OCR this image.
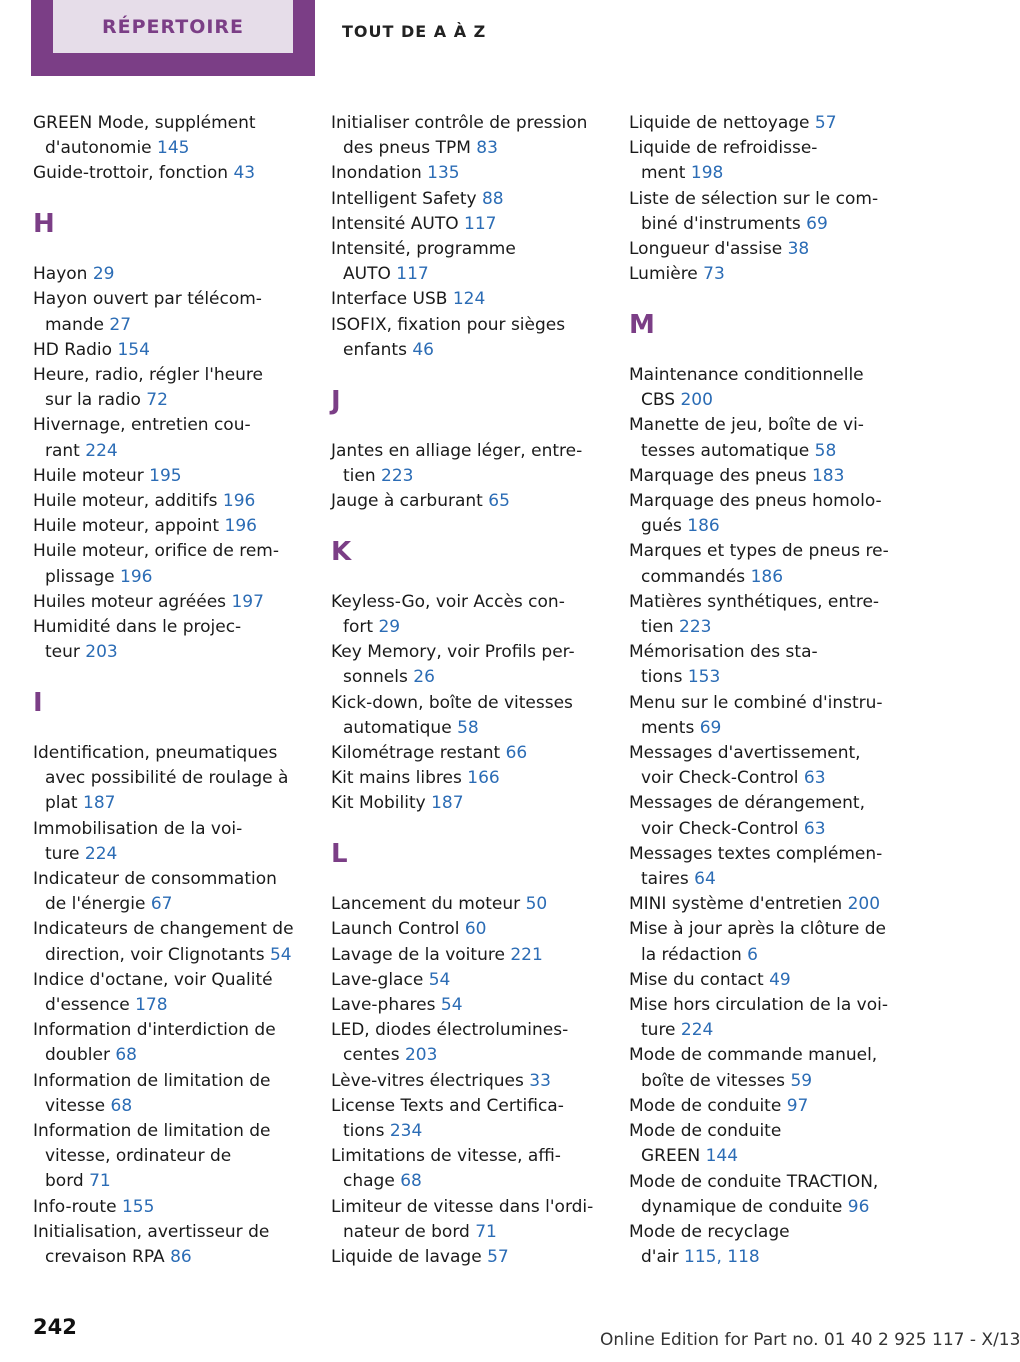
RÉPERTOIRE	TOUT DE A À Z
GREEN Mode, supplément
d'autonomie 145
Guide-trottoir, fonction 43
H
Hayon 29
Hayon ouvert par télécom-
mande 27
HD Radio 154
Heure, radio, régler l'heure
sur la radio 72
Hivernage, entretien cou-
rant 224
Huile moteur 195
Huile moteur, additifs 196
Huile moteur, appoint 196
Huile moteur, orifice de rem-
plissage 196
Huiles moteur agréées 197
Humidité dans le projec-
teur 203
I
Identification, pneumatiques
avec possibilité de roulage à
plat 187
Immobilisation de la voi-
ture 224
Indicateur de consommation
de l'énergie 67
Indicateurs de changement de
direction, voir Clignotants 54
Indice d'octane, voir Qualité
d'essence 178
Information d'interdiction de
doubler 68
Information de limitation de
vitesse 68
Information de limitation de
vitesse, ordinateur de
bord 71
Info-route 155
Initialisation, avertisseur de
crevaison RPA 86
Initialiser contrôle de pression
des pneus TPM 83
Inondation 135
Intelligent Safety 88
Intensité AUTO 117
Intensité, programme
AUTO 117
Interface USB 124
ISOFIX, fixation pour sièges
enfants 46
J
Jantes en alliage léger, entre-
tien 223
Jauge à carburant 65
K
Keyless-Go, voir Accès con-
fort 29
Key Memory, voir Profils per-
sonnels 26
Kick-down, boîte de vitesses
automatique 58
Kilométrage restant 66
Kit mains libres 166
Kit Mobility 187
L
Lancement du moteur 50
Launch Control 60
Lavage de la voiture 221
Lave-glace 54
Lave-phares 54
LED, diodes électrolumines-
centes 203
Lève-vitres électriques 33
License Texts and Certifica-
tions 234
Limitations de vitesse, affi-
chage 68
Limiteur de vitesse dans l'ordi-
nateur de bord 71
Liquide de lavage 57
Liquide de nettoyage 57
Liquide de refroidisse-
ment 198
Liste de sélection sur le com-
biné d'instruments 69
Longueur d'assise 38
Lumière 73
M
Maintenance conditionnelle
CBS 200
Manette de jeu, boîte de vi-
tesses automatique 58
Marquage des pneus 183
Marquage des pneus homolo-
gués 186
Marques et types de pneus re-
commandés 186
Matières synthétiques, entre-
tien 223
Mémorisation des sta-
tions 153
Menu sur le combiné d'instru-
ments 69
Messages d'avertissement,
voir Check-Control 63
Messages de dérangement,
voir Check-Control 63
Messages textes complémen-
taires 64
MINI système d'entretien 200
Mise à jour après la clôture de
la rédaction 6
Mise du contact 49
Mise hors circulation de la voi-
ture 224
Mode de commande manuel,
boîte de vitesses 59
Mode de conduite 97
Mode de conduite
GREEN 144
Mode de conduite TRACTION,
dynamique de conduite 96
Mode de recyclage
d'air 115, 118
242
Online Edition for Part no. 01 40 2 925 117 - X/13
